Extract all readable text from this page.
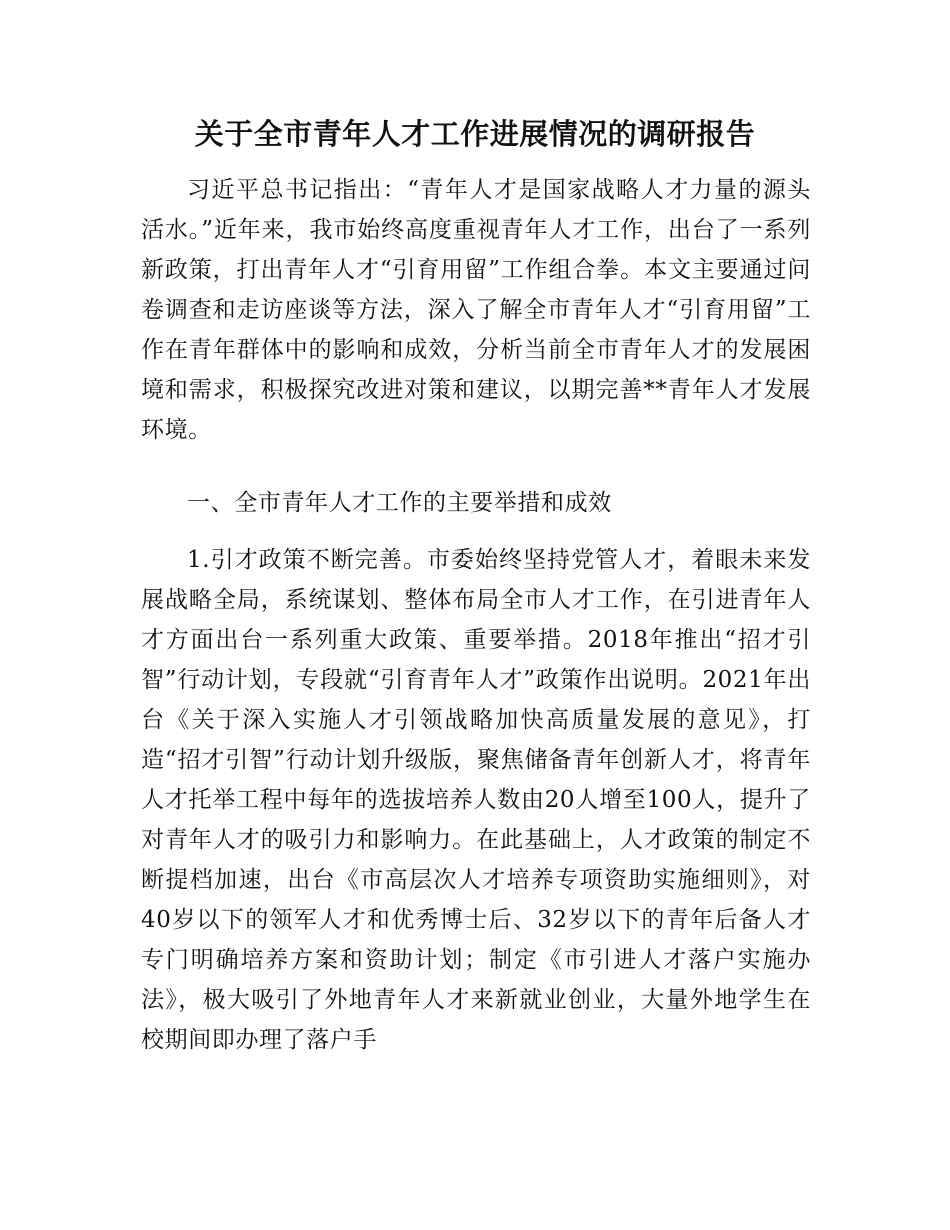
关于全市青年人才工作进展情况的调研报告

习近平总书记指出：“青年人才是国家战略人才力量的源头活水。”近年来，我市始终高度重视青年人才工作，出台了一系列新政策，打出青年人才“引育用留”工作组合拳。本文主要通过问卷调查和走访座谈等方法，深入了解全市青年人才“引育用留”工作在青年群体中的影响和成效，分析当前全市青年人才的发展困境和需求，积极探究改进对策和建议，以期完善**青年人才发展环境。

一、全市青年人才工作的主要举措和成效

1.引才政策不断完善。市委始终坚持党管人才，着眼未来发展战略全局，系统谋划、整体布局全市人才工作，在引进青年人才方面出台一系列重大政策、重要举措。2018年推出“招才引智”行动计划，专段就“引育青年人才”政策作出说明。2021年出台《关于深入实施人才引领战略加快高质量发展的意见》，打造“招才引智”行动计划升级版，聚焦储备青年创新人才，将青年人才托举工程中每年的选拔培养人数由20人增至100人，提升了对青年人才的吸引力和影响力。在此基础上，人才政策的制定不断提档加速，出台《市高层次人才培养专项资助实施细则》，对40岁以下的领军人才和优秀博士后、32岁以下的青年后备人才专门明确培养方案和资助计划；制定《市引进人才落户实施办法》，极大吸引了外地青年人才来新就业创业，大量外地学生在校期间即办理了落户手
